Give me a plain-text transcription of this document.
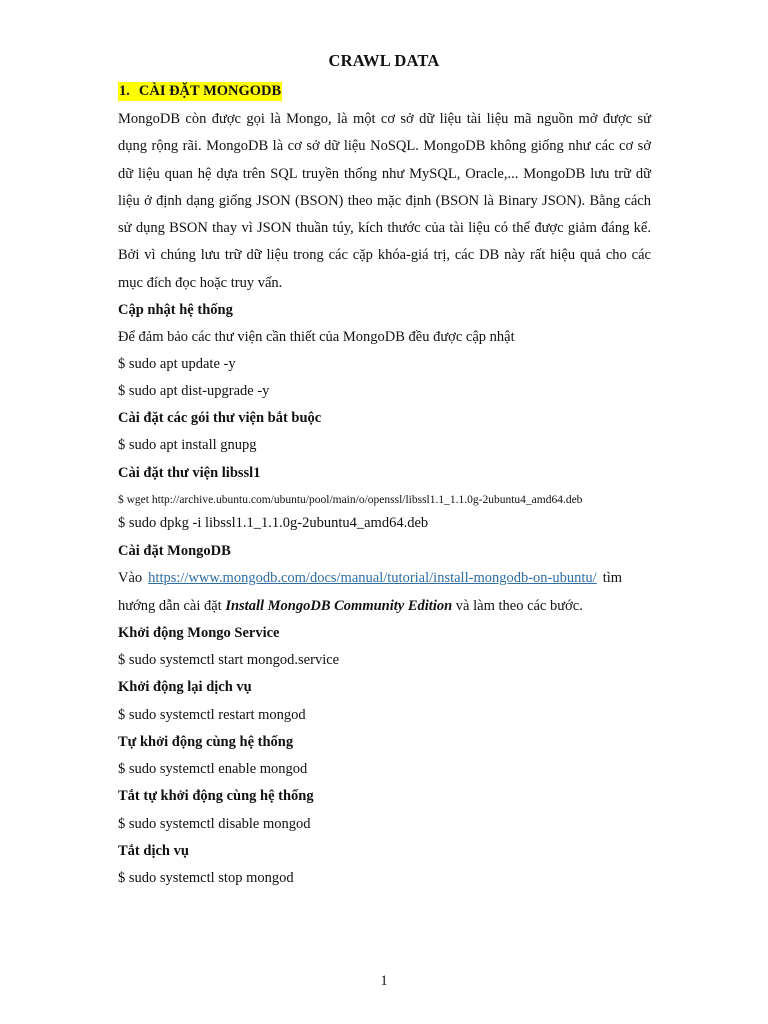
CRAWL DATA
1. CÀI ĐẶT MONGODB
MongoDB còn được gọi là Mongo, là một cơ sở dữ liệu tài liệu mã nguồn mở được sử dụng rộng rãi. MongoDB là cơ sở dữ liệu NoSQL. MongoDB không giống như các cơ sở dữ liệu quan hệ dựa trên SQL truyền thống như MySQL, Oracle,... MongoDB lưu trữ dữ liệu ở định dạng giống JSON (BSON) theo mặc định (BSON là Binary JSON). Bằng cách sử dụng BSON thay vì JSON thuần túy, kích thước của tài liệu có thể được giảm đáng kể. Bởi vì chúng lưu trữ dữ liệu trong các cặp khóa-giá trị, các DB này rất hiệu quả cho các mục đích đọc hoặc truy vấn.
Cập nhật hệ thống
Để đảm bảo các thư viện cần thiết của MongoDB đều được cập nhật
$ sudo apt update -y
$ sudo apt dist-upgrade -y
Cài đặt các gói thư viện bắt buộc
$ sudo apt install gnupg
Cài đặt thư viện libssl1
$ wget http://archive.ubuntu.com/ubuntu/pool/main/o/openssl/libssl1.1_1.1.0g-2ubuntu4_amd64.deb
$ sudo dpkg -i libssl1.1_1.1.0g-2ubuntu4_amd64.deb
Cài đặt MongoDB
Vào https://www.mongodb.com/docs/manual/tutorial/install-mongodb-on-ubuntu/ tìm hướng dẫn cài đặt Install MongoDB Community Edition và làm theo các bước.
Khởi động Mongo Service
$ sudo systemctl start mongod.service
Khởi động lại dịch vụ
$ sudo systemctl restart mongod
Tự khởi động cùng hệ thống
$ sudo systemctl enable mongod
Tắt tự khởi động cùng hệ thống
$ sudo systemctl disable mongod
Tắt dịch vụ
$ sudo systemctl stop mongod
1
